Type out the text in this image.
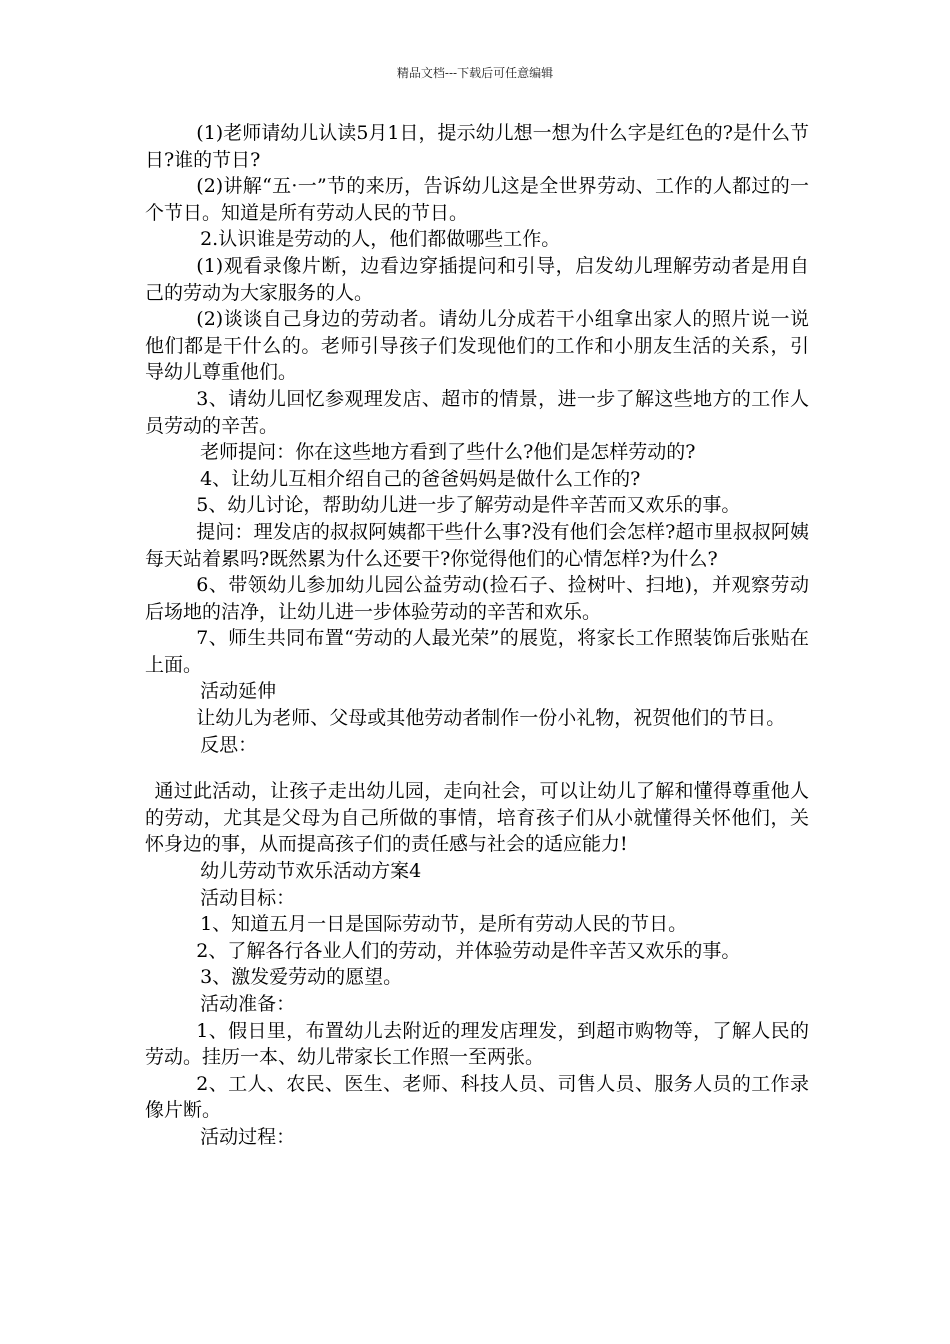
精品文档---下载后可任意编辑

(1)老师请幼儿认读5月1日，提示幼儿想一想为什么字是红色的?是什么节日?谁的节日?

(2)讲解“五·一”节的来历，告诉幼儿这是全世界劳动、工作的人都过的一个节日。知道是所有劳动人民的节日。

2.认识谁是劳动的人，他们都做哪些工作。

(1)观看录像片断，边看边穿插提问和引导，启发幼儿理解劳动者是用自己的劳动为大家服务的人。

(2)谈谈自己身边的劳动者。请幼儿分成若干小组拿出家人的照片说一说他们都是干什么的。老师引导孩子们发现他们的工作和小朋友生活的关系，引导幼儿尊重他们。

3、请幼儿回忆参观理发店、超市的情景，进一步了解这些地方的工作人员劳动的辛苦。

老师提问：你在这些地方看到了些什么?他们是怎样劳动的?

4、让幼儿互相介绍自己的爸爸妈妈是做什么工作的?

5、幼儿讨论，帮助幼儿进一步了解劳动是件辛苦而又欢乐的事。

提问：理发店的叔叔阿姨都干些什么事?没有他们会怎样?超市里叔叔阿姨每天站着累吗?既然累为什么还要干?你觉得他们的心情怎样?为什么?

6、带领幼儿参加幼儿园公益劳动(捡石子、捡树叶、扫地)，并观察劳动后场地的洁净，让幼儿进一步体验劳动的辛苦和欢乐。

7、师生共同布置“劳动的人最光荣”的展览，将家长工作照装饰后张贴在上面。

活动延伸

让幼儿为老师、父母或其他劳动者制作一份小礼物，祝贺他们的节日。

反思：

通过此活动，让孩子走出幼儿园，走向社会，可以让幼儿了解和懂得尊重他人的劳动，尤其是父母为自己所做的事情，培育孩子们从小就懂得关怀他们，关怀身边的事，从而提高孩子们的责任感与社会的适应能力!

幼儿劳动节欢乐活动方案4

活动目标：

1、知道五月一日是国际劳动节，是所有劳动人民的节日。

2、了解各行各业人们的劳动，并体验劳动是件辛苦又欢乐的事。

3、激发爱劳动的愿望。

活动准备：

1、假日里，布置幼儿去附近的理发店理发，到超市购物等，了解人民的劳动。挂历一本、幼儿带家长工作照一至两张。

2、工人、农民、医生、老师、科技人员、司售人员、服务人员的工作录像片断。

活动过程：
